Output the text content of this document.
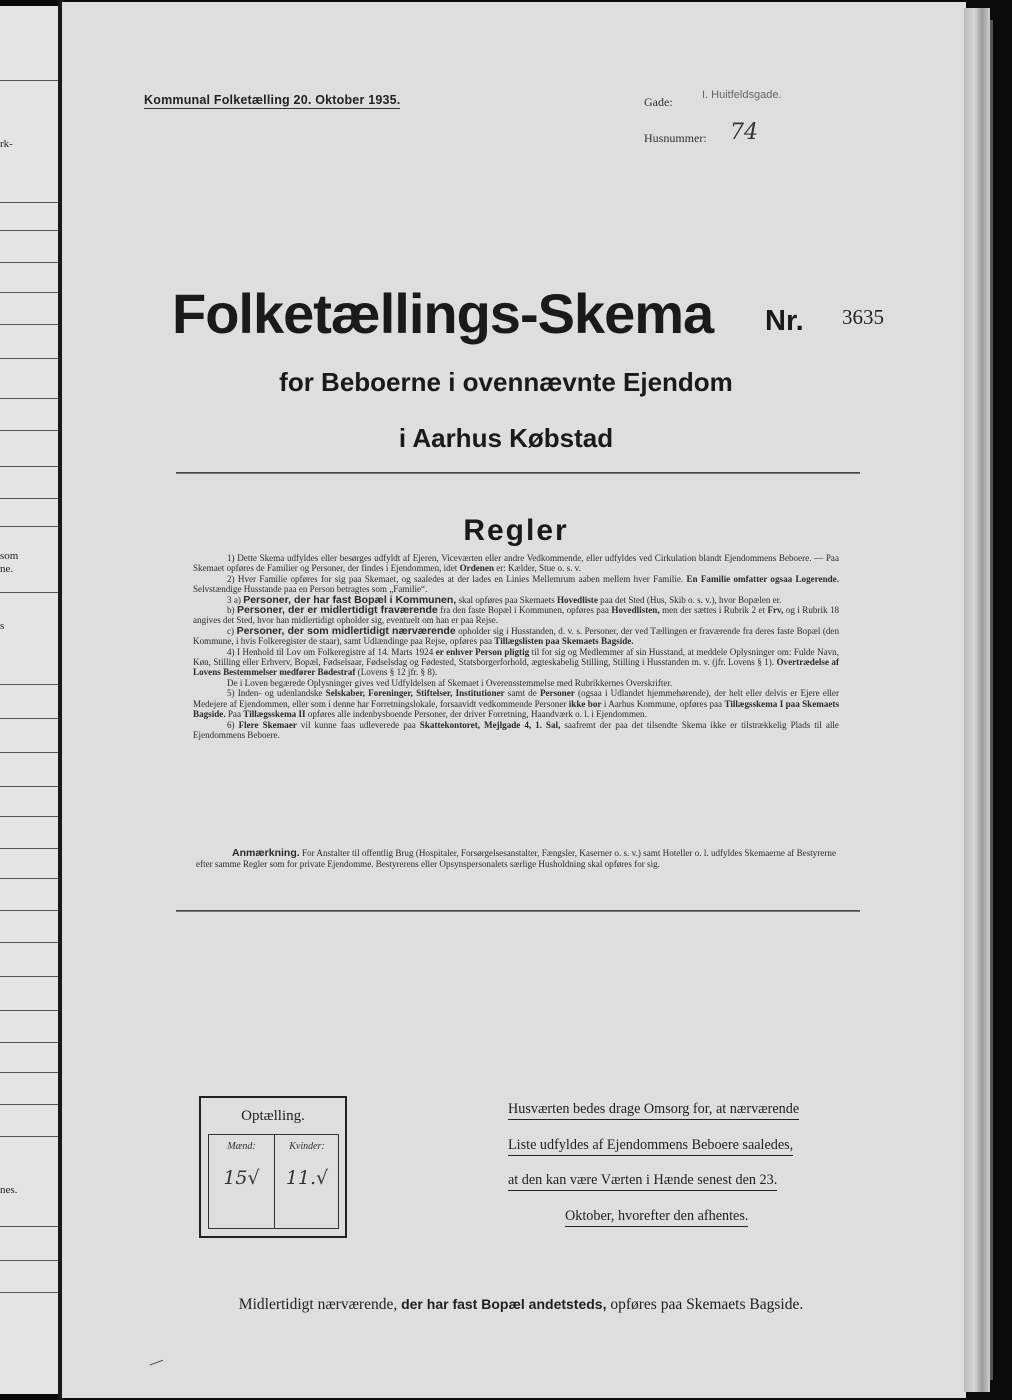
rk-
som
ne.
s
nes.
Kommunal Folketælling 20. Oktober 1935.	Gade:	I. Huitfeldsgade.
Husnummer: 74
Folketællings-Skema Nr. 3635
for Beboerne i ovennævnte Ejendom
i Aarhus Købstad
Regler

1) Dette Skema udfyldes eller besørges udfyldt af Ejeren, Viceværten eller andre Vedkommende, eller udfyldes ved Cirkulation blandt Ejendommens Beboere. — Paa Skemaet opføres de Familier og Personer, der findes i Ejendommen, idet Ordenen er: Kælder, Stue o. s. v.

2) Hver Familie opføres for sig paa Skemaet, og saaledes at der lades en Linies Mellemrum aaben mellem hver Familie. En Familie omfatter ogsaa Logerende. Selvstændige Husstande paa en Person betragtes som „Familie“.

3 a) Personer, der har fast Bopæl i Kommunen, skal opføres paa Skemaets Hovedliste paa det Sted (Hus, Skib o. s. v.), hvor Bopælen er.

b) Personer, der er midlertidigt fraværende fra den faste Bopæl i Kommunen, opføres paa Hovedlisten, men der sættes i Rubrik 2 et Frv, og i Rubrik 18 angives det Sted, hvor han midlertidigt opholder sig, eventuelt om han er paa Rejse.

c) Personer, der som midlertidigt nærværende opholder sig i Husstanden, d. v. s. Personer, der ved Tællingen er fraværende fra deres faste Bopæl (den Kommune, i hvis Folkeregister de staar), samt Udlændinge paa Rejse, opføres paa Tillægslisten paa Skemaets Bagside.

4) I Henhold til Lov om Folkeregistre af 14. Marts 1924 er enhver Person pligtig til for sig og Medlemmer af sin Husstand, at meddele Oplysninger om: Fulde Navn, Køn, Stilling eller Erhverv, Bopæl, Fødselsaar, Fødselsdag og Fødested, Statsborgerforhold, ægteskabelig Stilling, Stilling i Husstanden m. v. (jfr. Lovens § 1). Overtrædelse af Lovens Bestemmelser medfører Bødestraf (Lovens § 12 jfr. § 8).

De i Loven begærede Oplysninger gives ved Udfyldelsen af Skemaet i Overensstemmelse med Rubrikkernes Overskrifter.

5) Inden- og udenlandske Selskaber, Foreninger, Stiftelser, Institutioner samt de Personer (ogsaa i Udlandet hjemmehørende), der helt eller delvis er Ejere eller Medejere af Ejendommen, eller som i denne har Forretningslokale, forsaavidt vedkommende Personer ikke bor i Aarhus Kommune, opføres paa Tillægsskema I paa Skemaets Bagside. Paa Tillægsskema II opføres alle indenbysboende Personer, der driver Forretning, Haandværk o. l. i Ejendommen.

6) Flere Skemaer vil kunne faas udleverede paa Skattekontoret, Mejlgade 4, 1. Sal, saafremt der paa det tilsendte Skema ikke er tilstrækkelig Plads til alle Ejendommens Beboere.

Anmærkning. For Anstalter til offentlig Brug (Hospitaler, Forsørgelsesanstalter, Fængsler, Kaserner o. s. v.) samt Hoteller o. l. udfyldes Skemaerne af Bestyrerne efter samme Regler som for private Ejendomme. Bestyrerens eller Opsynspersonalets særlige Husholdning skal opføres for sig.
Optælling.
Mænd:	Kvinder:
15√	11.√
Husværten bedes drage Omsorg for, at nærværende
Liste udfyldes af Ejendommens Beboere saaledes,
at den kan være Værten i Hænde senest den 23.
Oktober, hvorefter den afhentes.
Midlertidigt nærværende, der har fast Bopæl andetsteds, opføres paa Skemaets Bagside.
